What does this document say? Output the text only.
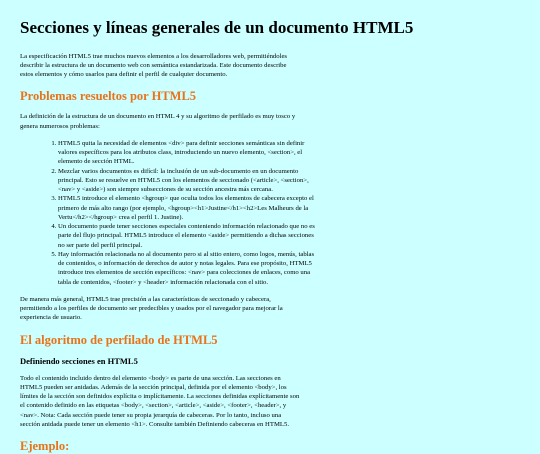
Secciones y líneas generales de un documento HTML5

La especificación HTML5 trae muchos nuevos elementos a los desarrolladores web, permitiéndoles describir la estructura de un documento web con semántica estandarizada. Este documento describe estos elementos y cómo usarlos para definir el perfil de cualquier documento.

Problemas resueltos por HTML5

La definición de la estructura de un documento en HTML 4 y su algoritmo de perfilado es muy tosco y genera numerosos problemas:

1. HTML5 quita la necesidad de elementos <div> para definir secciones semánticas sin definir valores específicos para los atributos class, introduciendo un nuevo elemento, <section>, el elemento de sección HTML.
2. Mezclar varios documentos es difícil: la inclusión de un sub-documento en un documento principal. Esto se resuelve en HTML5 con los elementos de seccionado (<article>, <section>, <nav> y <aside>) son siempre subsecciones de su sección ancestra más cercana.
3. HTML5 introduce el elemento <hgroup> que oculta todos los elementos de cabecera excepto el primero de más alto rango (por ejemplo, <hgroup><h1>Justine</h1><h2>Les Malheurs de la Vertu</h2></hgroup> crea el perfil 1. Justine).
4. Un documento puede tener secciones especiales conteniendo información relacionado que no es parte del flujo principal. HTML5 introduce el elemento <aside> permitiendo a dichas secciones no ser parte del perfil principal.
5. Hay información relacionada no al documento pero si al sitio entero, como logos, menús, tablas de contenidos, o información de derechos de autor y notas legales. Para ese propósito, HTML5 introduce tres elementos de sección específicos: <nav> para colecciones de enlaces, como una tabla de contenidos, <footer> y <header> información relacionada con el sitio.

De manera más general, HTML5 trae precisión a las características de seccionado y cabecera, permitiendo a los perfiles de documento ser predecibles y usados por el navegador para mejorar la experiencia de usuario.

El algoritmo de perfilado de HTML5
Definiendo secciones en HTML5

Todo el contenido incluido dentro del elemento <body> es parte de una sección. Las secciones en HTML5 pueden ser anidadas. Además de la sección principal, definida por el elemento <body>, los límites de la sección son definidos explícita o implícitamente. La secciones definidas explícitamente son el contenido definido en las etiquetas <body>, <section>, <article>, <aside>, <footer>, <header>, y <nav>. Nota: Cada sección puede tener su propia jerarquía de cabeceras. Por lo tanto, incluso una sección anidada puede tener un elemento <h1>. Consulte también Definiendo cabeceras en HTML5.

Ejemplo:
